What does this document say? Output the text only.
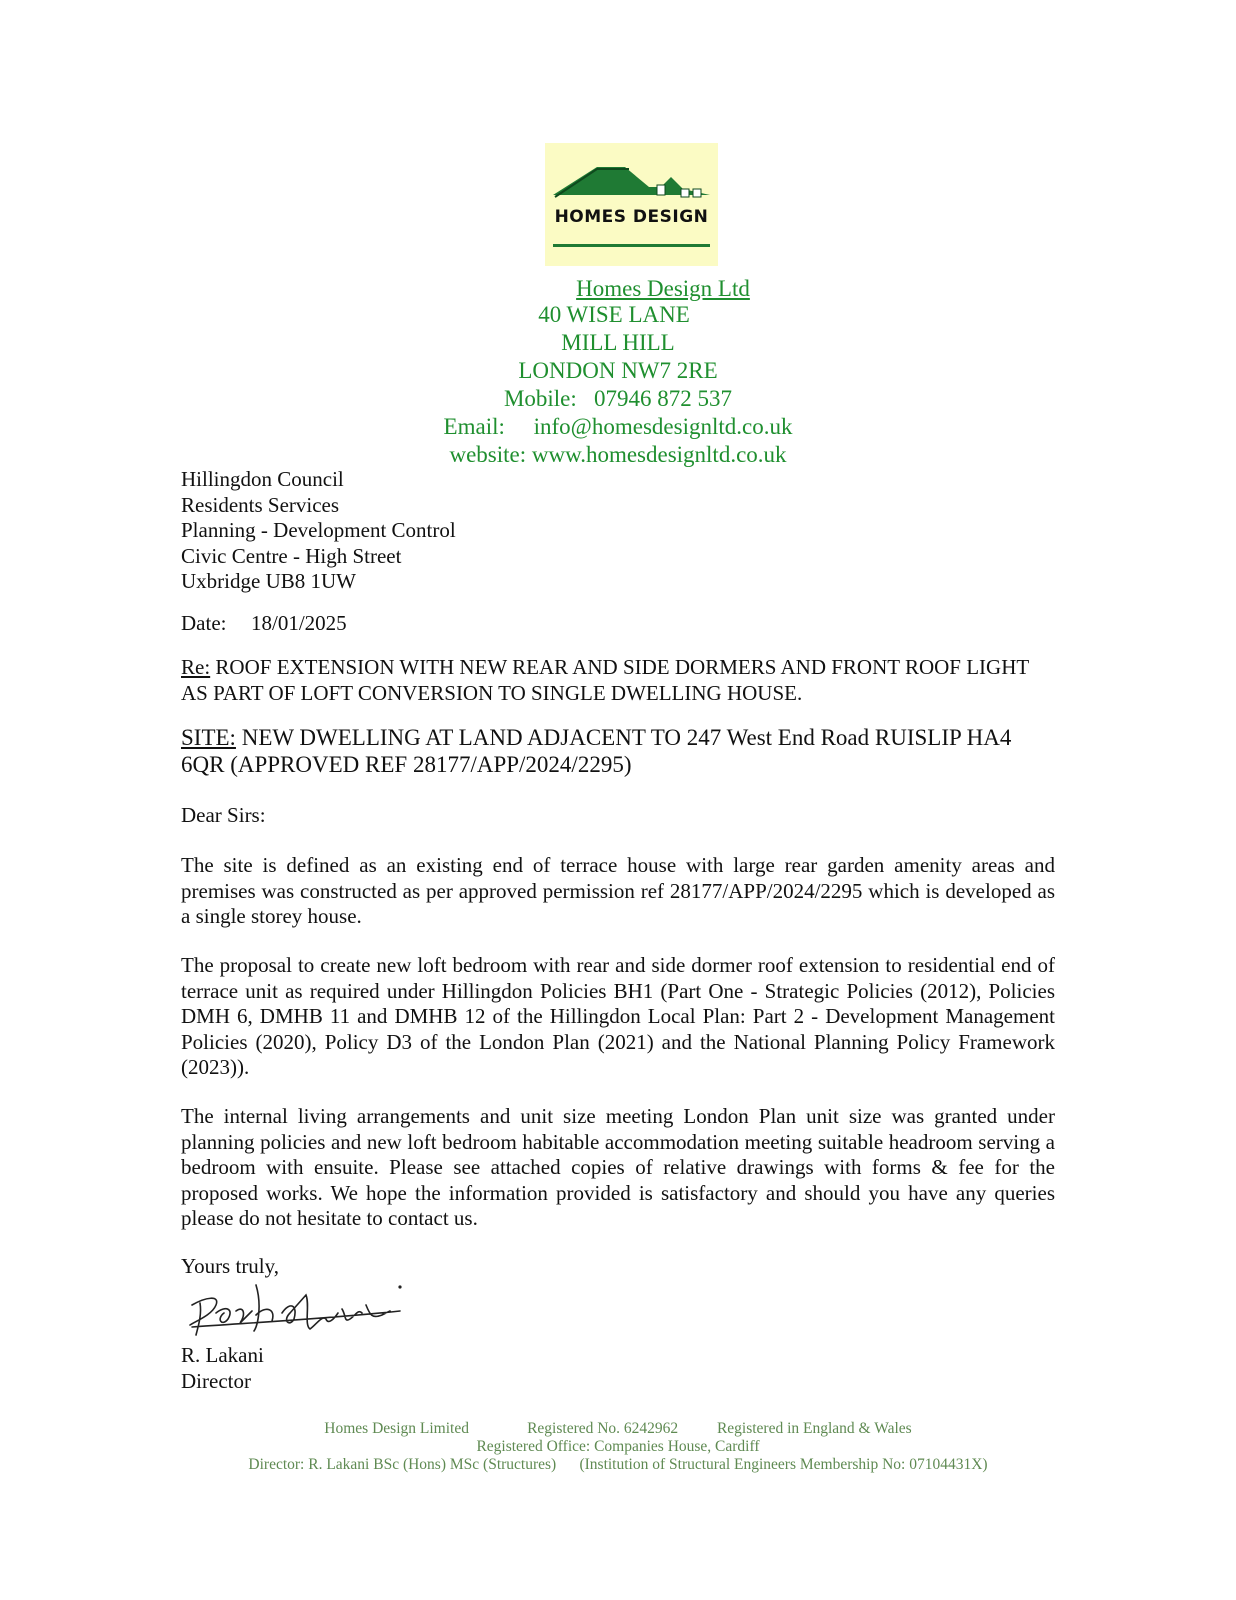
HOMES DESIGN
Homes Design Ltd
40 WISE LANE
MILL HILL
LONDON NW7 2RE
Mobile: 07946 872 537
Email: info@homesdesignltd.co.uk
website: www.homesdesignltd.co.uk
Hillingdon Council
Residents Services
Planning - Development Control
Civic Centre - High Street
Uxbridge UB8 1UW
Date: 18/01/2025
Re: ROOF EXTENSION WITH NEW REAR AND SIDE DORMERS AND FRONT ROOF LIGHT AS PART OF LOFT CONVERSION TO SINGLE DWELLING HOUSE.
SITE: NEW DWELLING AT LAND ADJACENT TO 247 West End Road RUISLIP HA4 6QR (APPROVED REF 28177/APP/2024/2295)
Dear Sirs:
The site is defined as an existing end of terrace house with large rear garden amenity areas and premises was constructed as per approved permission ref 28177/APP/2024/2295 which is developed as a single storey house.
The proposal to create new loft bedroom with rear and side dormer roof extension to residential end of terrace unit as required under Hillingdon Policies BH1 (Part One - Strategic Policies (2012), Policies DMH 6, DMHB 11 and DMHB 12 of the Hillingdon Local Plan: Part 2 - Development Management Policies (2020), Policy D3 of the London Plan (2021) and the National Planning Policy Framework (2023)).
The internal living arrangements and unit size meeting London Plan unit size was granted under planning policies and new loft bedroom habitable accommodation meeting suitable headroom serving a bedroom with ensuite. Please see attached copies of relative drawings with forms & fee for the proposed works. We hope the information provided is satisfactory and should you have any queries please do not hesitate to contact us.
Yours truly,
R. Lakani
Director
Homes Design Limited	Registered No. 6242962	Registered in England & Wales
Registered Office: Companies House, Cardiff
Director: R. Lakani BSc (Hons) MSc (Structures) (Institution of Structural Engineers Membership No: 07104431X)
